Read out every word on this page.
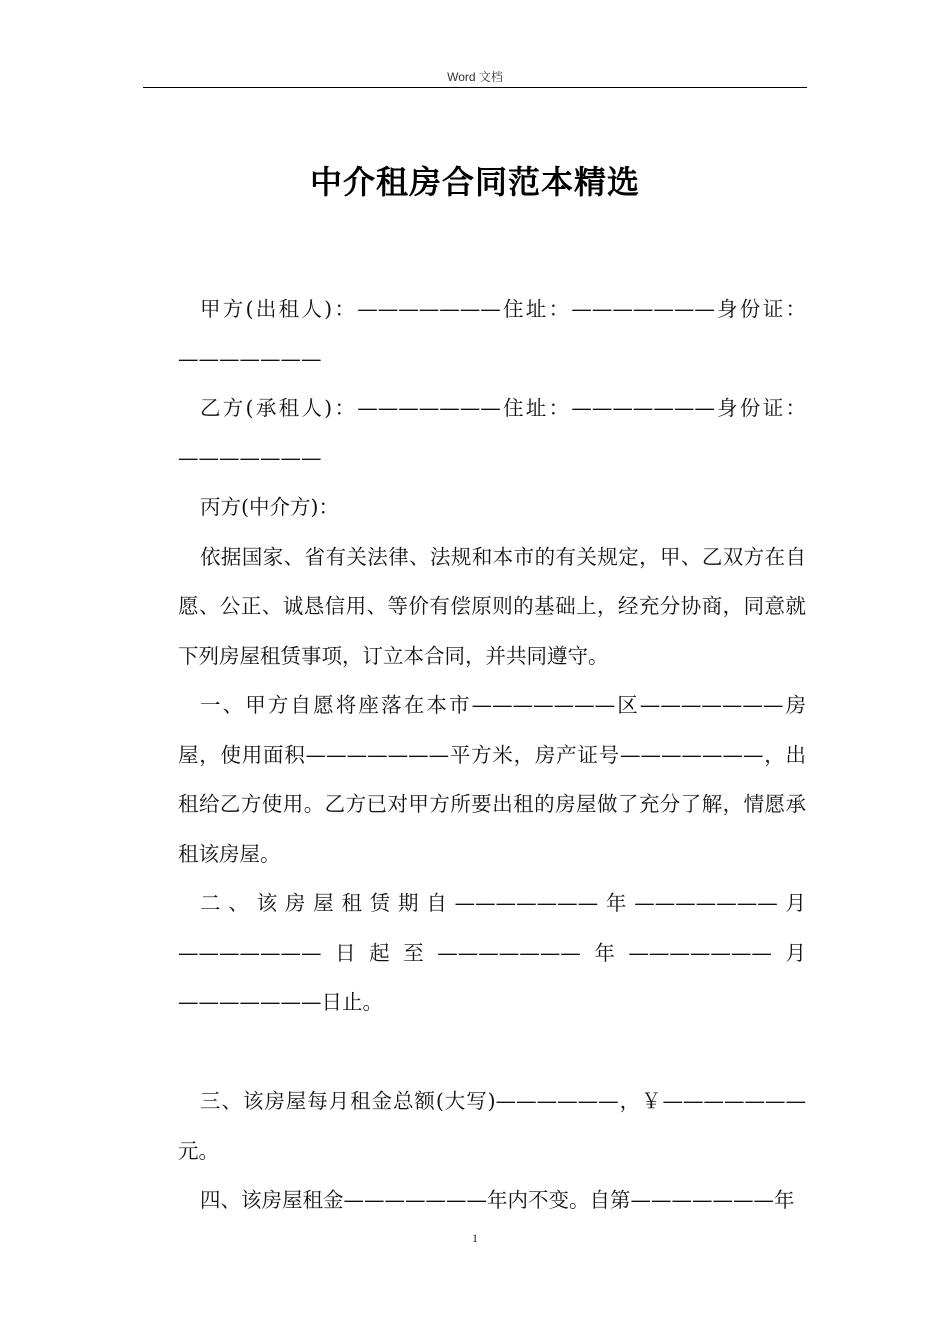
Word 文档
中介租房合同范本精选

甲方(出租人)：———————住址：———————身份证：———————

乙方(承租人)：———————住址：———————身份证：———————

丙方(中介方)：

依据国家、省有关法律、法规和本市的有关规定，甲、乙双方在自愿、公正、诚恳信用、等价有偿原则的基础上，经充分协商，同意就下列房屋租赁事项，订立本合同，并共同遵守。

一、甲方自愿将座落在本市———————区———————房屋，使用面积———————平方米，房产证号———————，出租给乙方使用。乙方已对甲方所要出租的房屋做了充分了解，情愿承租该房屋。

二、该房屋租赁期自———————年———————月———————日起至———————年———————月———————日止。

三、该房屋每月租金总额(大写)——————，￥———————元。

四、该房屋租金———————年内不变。自第———————年

1
